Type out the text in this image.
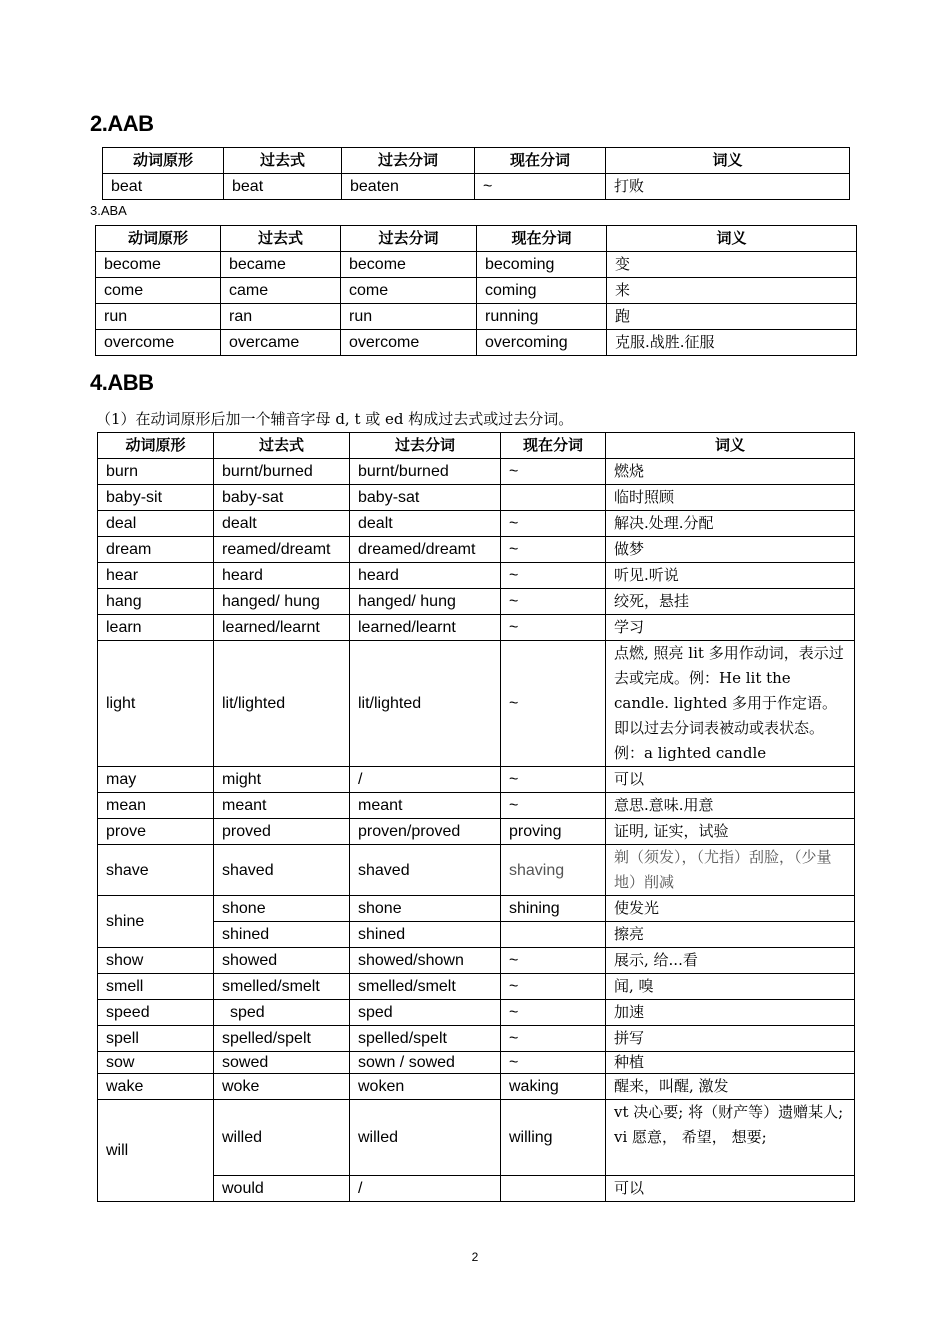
2.AAB
动词原形	过去式	过去分词	现在分词	词义
beat	beat	beaten	~	打败
3.ABA
动词原形	过去式	过去分词	现在分词	词义
become	became	become	becoming	变
come	came	come	coming	来
run	ran	run	running	跑
overcome	overcame	overcome	overcoming	克服.战胜.征服
4.ABB
（1）在动词原形后加一个辅音字母 d, t 或 ed 构成过去式或过去分词。
动词原形	过去式	过去分词	现在分词	词义
burn	burnt/burned	burnt/burned	~	燃烧
baby-sit	baby-sat	baby-sat		临时照顾
deal	dealt	dealt	~	解决.处理.分配
dream	reamed/dreamt	dreamed/dreamt	~	做梦
hear	heard	heard	~	听见.听说
hang	hanged/ hung	hanged/ hung	~	绞死，悬挂
learn	learned/learnt	learned/learnt	~	学习
light	lit/lighted	lit/lighted	~	点燃, 照亮 lit 多用作动词，表示过去或完成。例：He lit the candle. lighted 多用于作定语。即以过去分词表被动或表状态。例：a lighted candle
may	might	/	~	可以
mean	meant	meant	~	意思.意味.用意
prove	proved	proven/proved	proving	证明, 证实，试验
shave	shaved	shaved	shaving	剃（须发），（尤指）刮脸，（少量地）削减
shine	shone	shone	shining	使发光
	shined	shined		擦亮
show	showed	showed/shown	~	展示, 给...看
smell	smelled/smelt	smelled/smelt	~	闻, 嗅
speed	sped	sped	~	加速
spell	spelled/spelt	spelled/spelt	~	拼写
sow	sowed	sown / sowed	~	种植
wake	woke	woken	waking	醒来，叫醒, 激发
will	willed	willed	willing	vt 决心要; 将（财产等）遗赠某人; vi 愿意， 希望， 想要;
	would	/		可以
2
